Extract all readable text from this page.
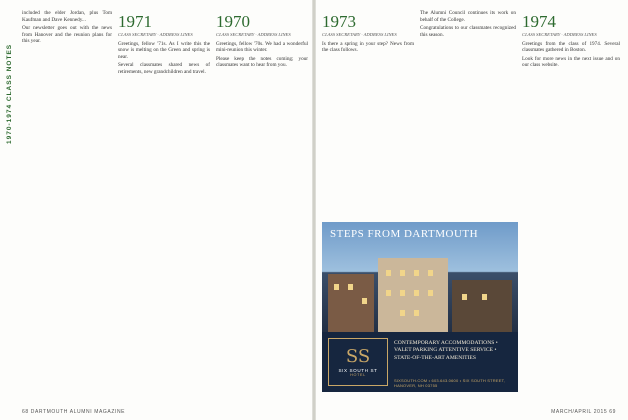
1970-1974 CLASS NOTES

included the elder Jordan, plus Tom Kaufman and Dave Kennedy...

Our newsletter goes out with the news from Hanover and the reunion plans for this year.

1971
CLASS SECRETARY · ADDRESS LINES

Greetings, fellow '71s. As I write this the snow is melting on the Green and spring is near.

Several classmates shared news of retirements, new grandchildren and travel.

1970
CLASS SECRETARY · ADDRESS LINES

Greetings, fellow '70s. We had a wonderful mini-reunion this winter.

Please keep the notes coming; your classmates want to hear from you.

1973
CLASS SECRETARY · ADDRESS LINES

Is there a spring in your step? News from the class follows.

The Alumni Council continues its work on behalf of the College.

Congratulations to our classmates recognized this season.

1974
CLASS SECRETARY · ADDRESS LINES

Greetings from the class of 1974. Several classmates gathered in Boston.

Look for more news in the next issue and on our class website.

STEPS FROM DARTMOUTH
SS
SIX SOUTH ST
HOTEL
CONTEMPORARY ACCOMMODATIONS • VALET PARKING ATTENTIVE SERVICE • STATE-OF-THE-ART AMENITIES
SIXSOUTH.COM • 603.643.0600 • SIX SOUTH STREET, HANOVER, NH 03755
68 DARTMOUTH ALUMNI MAGAZINE	MARCH/APRIL 2015 69
